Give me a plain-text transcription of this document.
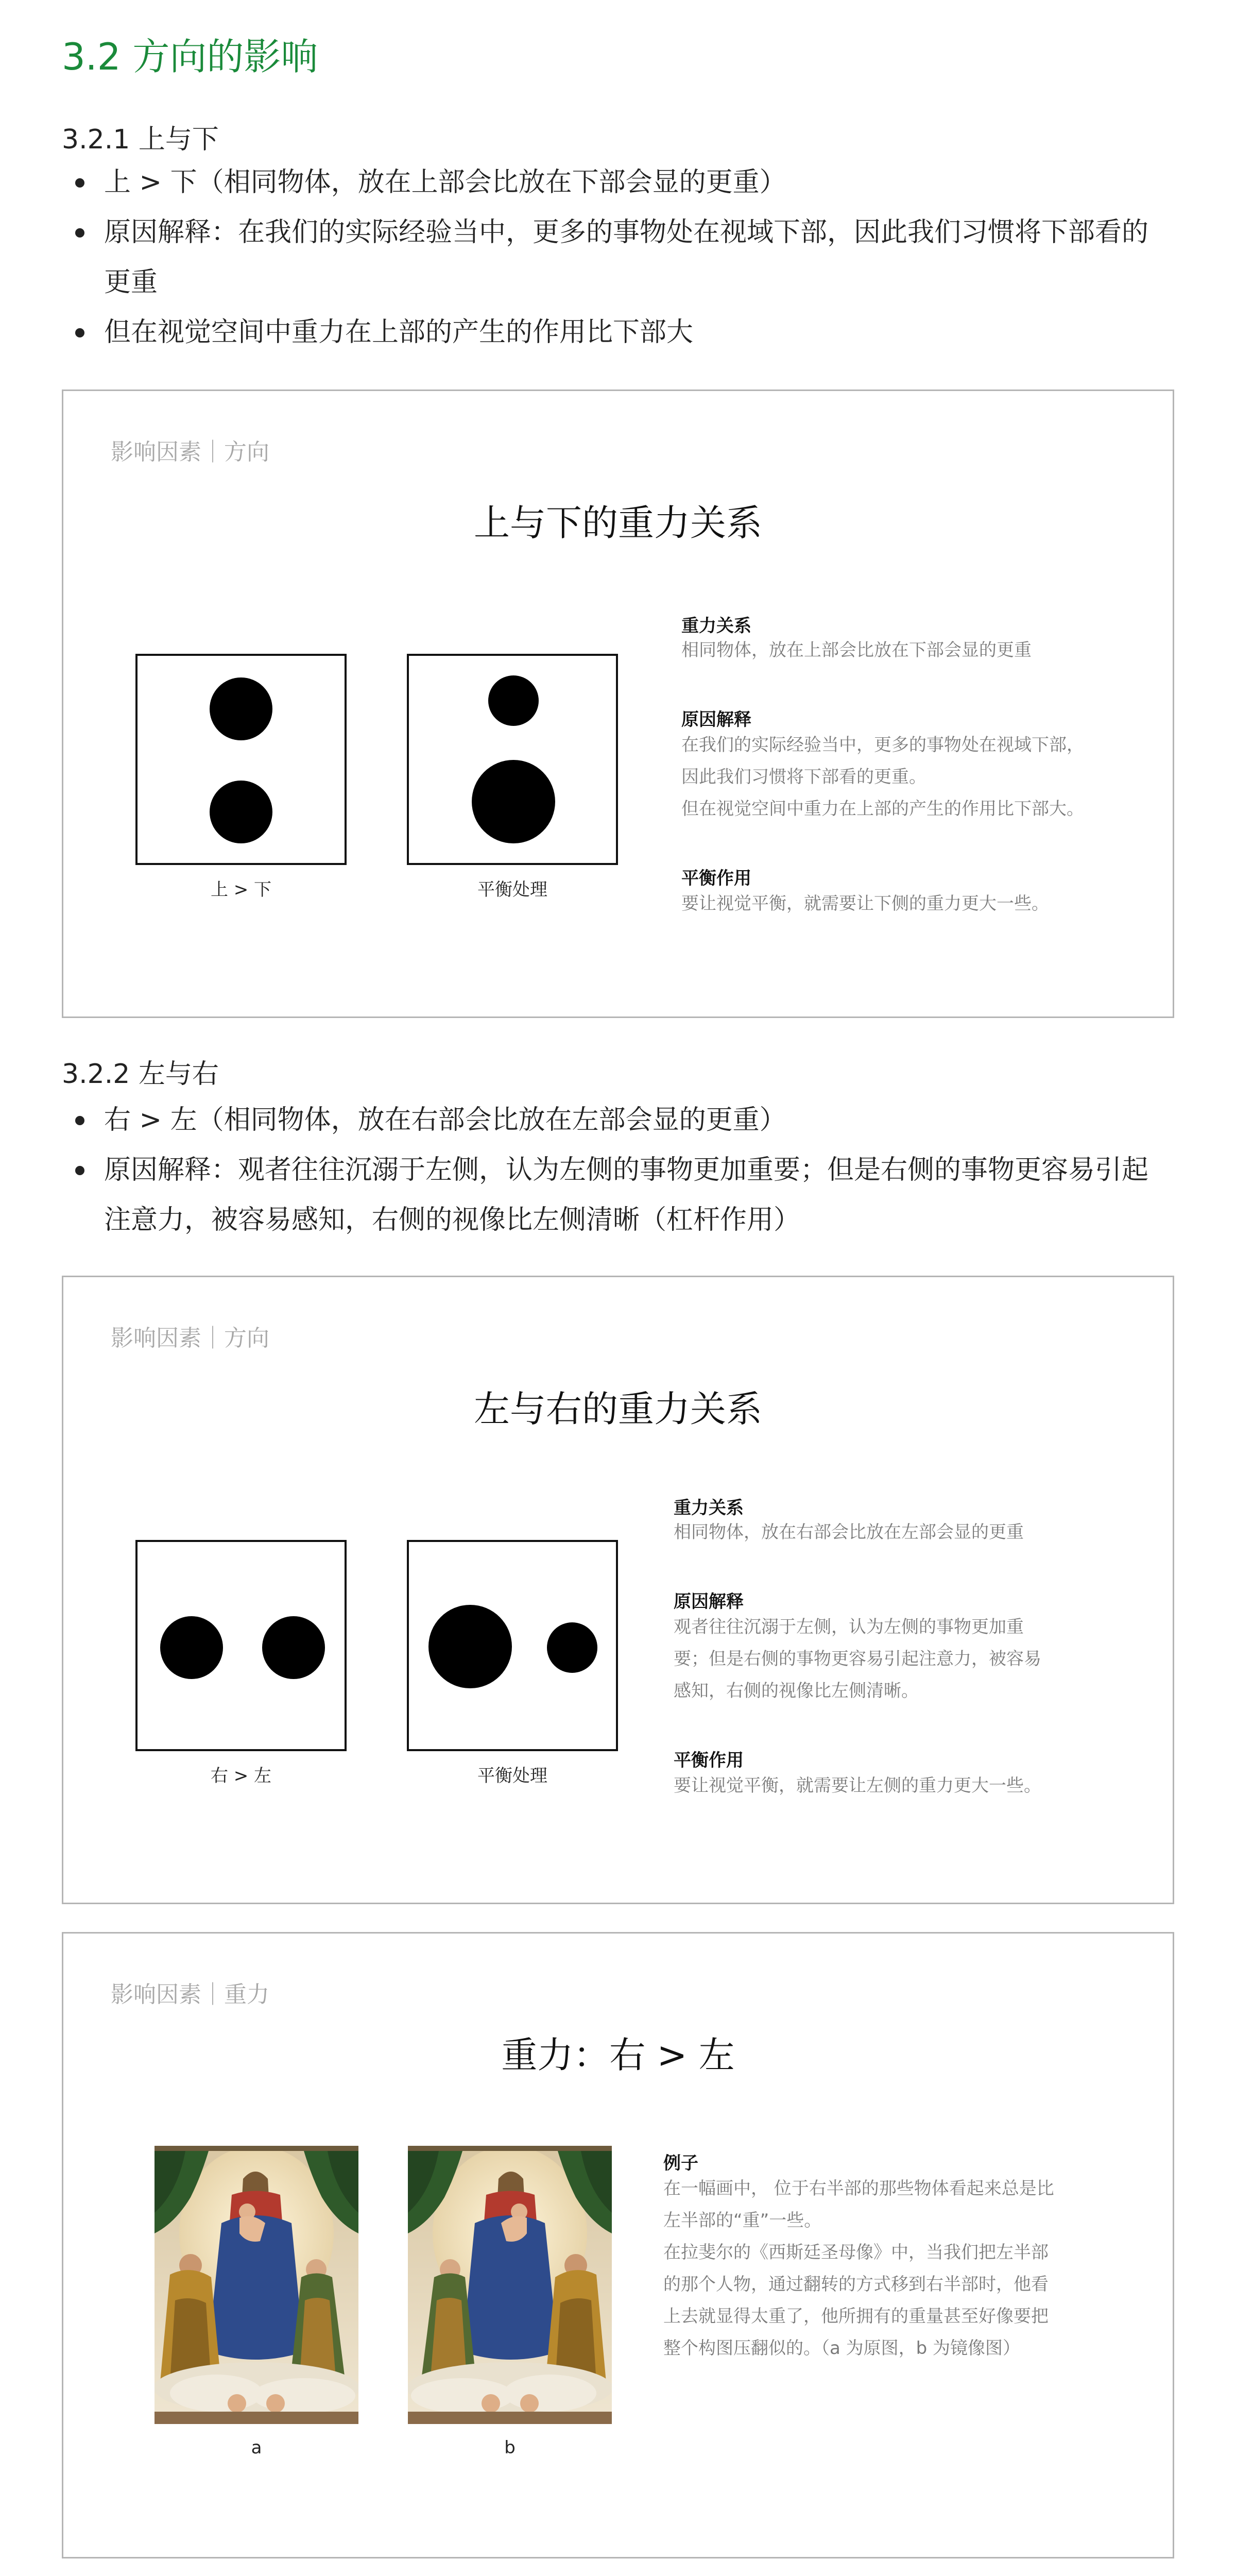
3.2 方向的影响
3.2.1 上与下
上 > 下（相同物体，放在上部会比放在下部会显的更重）
原因解释：在我们的实际经验当中，更多的事物处在视域下部，因此我们习惯将下部看的更重
但在视觉空间中重力在上部的产生的作用比下部大
影响因素｜方向
上与下的重力关系
上 > 下	平衡处理
重力关系
相同物体，放在上部会比放在下部会显的更重
原因解释
在我们的实际经验当中，更多的事物处在视域下部，
因此我们习惯将下部看的更重。
但在视觉空间中重力在上部的产生的作用比下部大。
平衡作用
要让视觉平衡，就需要让下侧的重力更大一些。
3.2.2 左与右
右 > 左（相同物体，放在右部会比放在左部会显的更重）
原因解释：观者往往沉溺于左侧，认为左侧的事物更加重要；但是右侧的事物更容易引起注意力，被容易感知，右侧的视像比左侧清晰（杠杆作用）
影响因素｜方向
左与右的重力关系
右 > 左	平衡处理
重力关系
相同物体，放在右部会比放在左部会显的更重
原因解释
观者往往沉溺于左侧，认为左侧的事物更加重
要；但是右侧的事物更容易引起注意力，被容易
感知，右侧的视像比左侧清晰。
平衡作用
要让视觉平衡，就需要让左侧的重力更大一些。
影响因素｜重力
重力：右 > 左
a	b
例子
在一幅画中， 位于右半部的那些物体看起来总是比
左半部的“重”一些。
在拉斐尔的《西斯廷圣母像》中，当我们把左半部
的那个人物，通过翻转的方式移到右半部时，他看
上去就显得太重了，他所拥有的重量甚至好像要把
整个构图压翻似的。（a 为原图，b 为镜像图）
